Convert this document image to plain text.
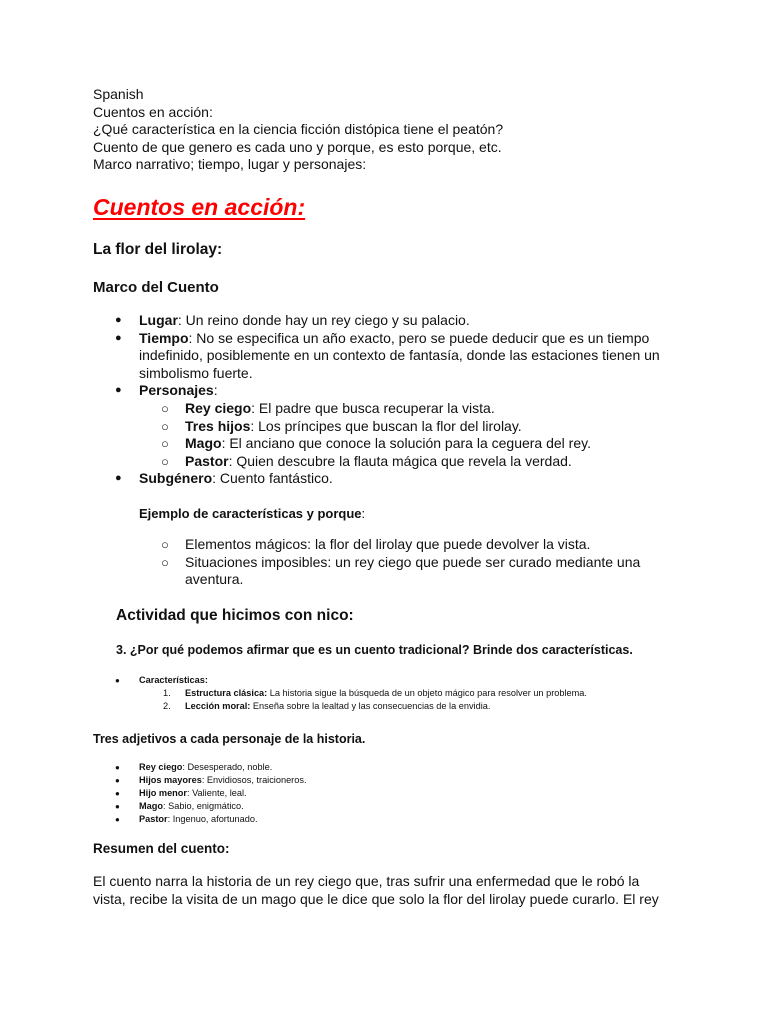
Spanish

Cuentos en acción:

¿Qué característica en la ciencia ficción distópica tiene el peatón?

Cuento de que genero es cada uno y porque, es esto porque, etc.

Marco narrativo; tiempo, lugar y personajes:

Cuentos en acción:
La flor del lirolay:
Marco del Cuento
● Lugar: Un reino donde hay un rey ciego y su palacio.
● Tiempo: No se especifica un año exacto, pero se puede deducir que es un tiempo indefinido, posiblemente en un contexto de fantasía, donde las estaciones tienen un simbolismo fuerte.
● Personajes:
○ Rey ciego: El padre que busca recuperar la vista.
○ Tres hijos: Los príncipes que buscan la flor del lirolay.
○ Mago: El anciano que conoce la solución para la ceguera del rey.
○ Pastor: Quien descubre la flauta mágica que revela la verdad.
● Subgénero: Cuento fantástico.

Ejemplo de características y porque:

○ Elementos mágicos: la flor del lirolay que puede devolver la vista.
○ Situaciones imposibles: un rey ciego que puede ser curado mediante una aventura.
Actividad que hicimos con nico:

3. ¿Por qué podemos afirmar que es un cuento tradicional? Brinde dos características.

● Características:
1. Estructura clásica: La historia sigue la búsqueda de un objeto mágico para resolver un problema.
2. Lección moral: Enseña sobre la lealtad y las consecuencias de la envidia.
Tres adjetivos a cada personaje de la historia.
● Rey ciego: Desesperado, noble.
● Hijos mayores: Envidiosos, traicioneros.
● Hijo menor: Valiente, leal.
● Mago: Sabio, enigmático.
● Pastor: Ingenuo, afortunado.
Resumen del cuento:

El cuento narra la historia de un rey ciego que, tras sufrir una enfermedad que le robó la vista, recibe la visita de un mago que le dice que solo la flor del lirolay puede curarlo. El rey
